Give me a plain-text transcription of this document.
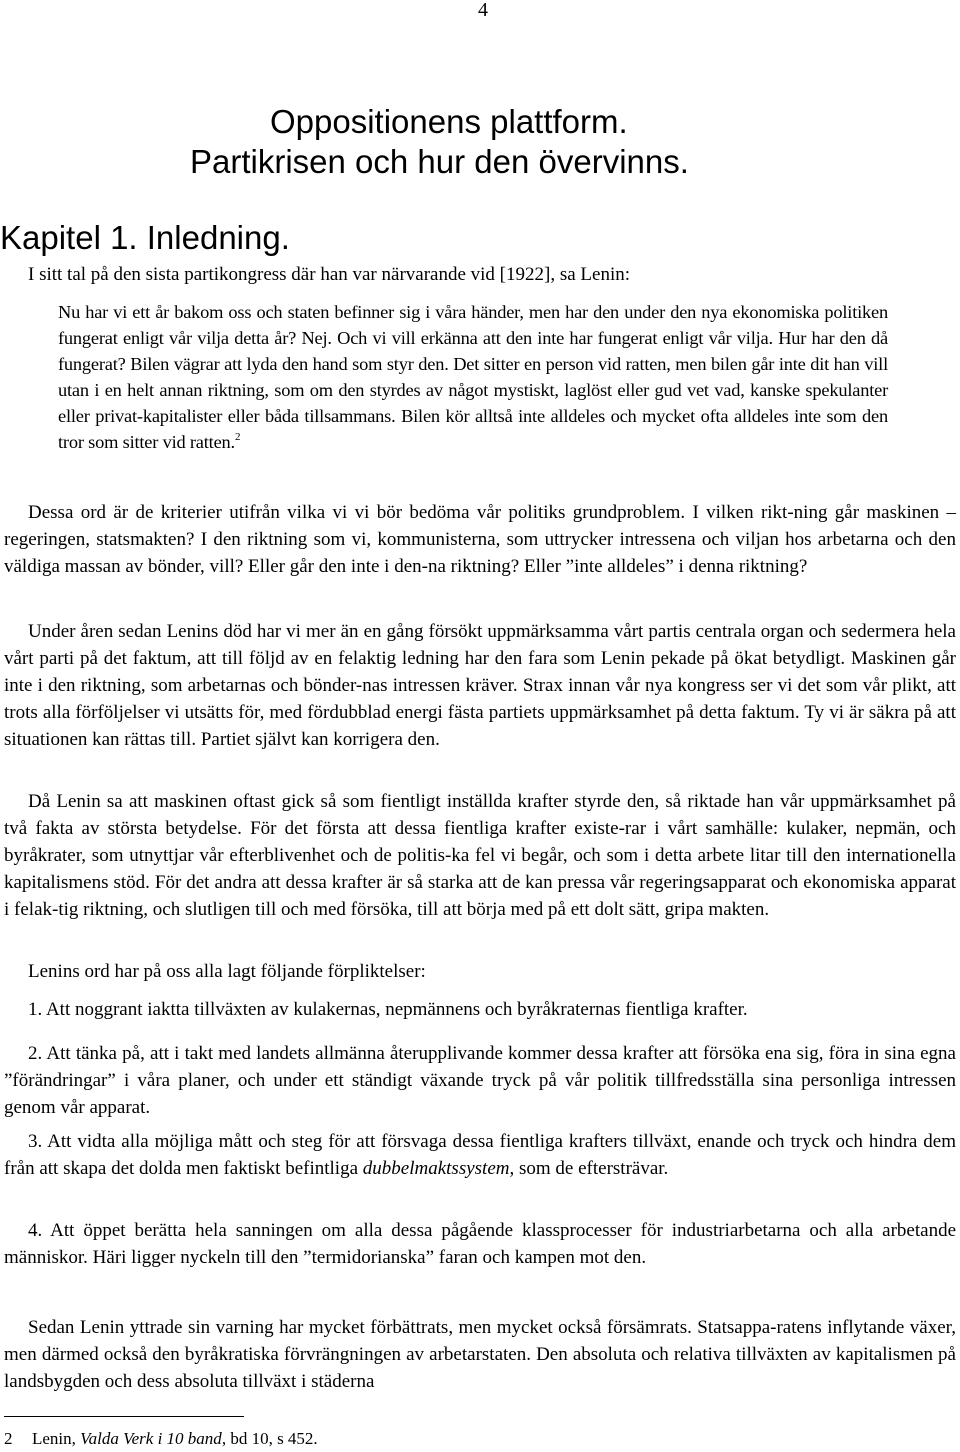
4
Oppositionens plattform.
Partikrisen och hur den övervinns.
Kapitel 1. Inledning.
I sitt tal på den sista partikongress där han var närvarande vid [1922], sa Lenin:
Nu har vi ett år bakom oss och staten befinner sig i våra händer, men har den under den nya ekonomiska politiken fungerat enligt vår vilja detta år? Nej. Och vi vill erkänna att den inte har fungerat enligt vår vilja. Hur har den då fungerat? Bilen vägrar att lyda den hand som styr den. Det sitter en person vid ratten, men bilen går inte dit han vill utan i en helt annan riktning, som om den styrdes av något mystiskt, laglöst eller gud vet vad, kanske spekulanter eller privat-kapitalister eller båda tillsammans. Bilen kör alltså inte alldeles och mycket ofta alldeles inte som den tror som sitter vid ratten.$^2$
Dessa ord är de kriterier utifrån vilka vi vi bör bedöma vår politiks grundproblem. I vilken rikt-ning går maskinen – regeringen, statsmakten? I den riktning som vi, kommunisterna, som uttrycker intressena och viljan hos arbetarna och den väldiga massan av bönder, vill? Eller går den inte i den-na riktning? Eller ”inte alldeles” i denna riktning?
Under åren sedan Lenins död har vi mer än en gång försökt uppmärksamma vårt partis centrala organ och sedermera hela vårt parti på det faktum, att till följd av en felaktig ledning har den fara som Lenin pekade på ökat betydligt. Maskinen går inte i den riktning, som arbetarnas och bönder-nas intressen kräver. Strax innan vår nya kongress ser vi det som vår plikt, att trots alla förföljelser vi utsätts för, med fördubblad energi fästa partiets uppmärksamhet på detta faktum. Ty vi är säkra på att situationen kan rättas till. Partiet självt kan korrigera den.
Då Lenin sa att maskinen oftast gick så som fientligt inställda krafter styrde den, så riktade han vår uppmärksamhet på två fakta av största betydelse. För det första att dessa fientliga krafter existe-rar i vårt samhälle: kulaker, nepmän, och byråkrater, som utnyttjar vår efterblivenhet och de politis-ka fel vi begår, och som i detta arbete litar till den internationella kapitalismens stöd. För det andra att dessa krafter är så starka att de kan pressa vår regeringsapparat och ekonomiska apparat i felak-tig riktning, och slutligen till och med försöka, till att börja med på ett dolt sätt, gripa makten.
Lenins ord har på oss alla lagt följande förpliktelser:
1. Att noggrant iaktta tillväxten av kulakernas, nepmännens och byråkraternas fientliga krafter.
2. Att tänka på, att i takt med landets allmänna återupplivande kommer dessa krafter att försöka ena sig, föra in sina egna ”förändringar” i våra planer, och under ett ständigt växande tryck på vår politik tillfredsställa sina personliga intressen genom vår apparat.
3. Att vidta alla möjliga mått och steg för att försvaga dessa fientliga krafters tillväxt, enande och tryck och hindra dem från att skapa det dolda men faktiskt befintliga dubbelmaktssystem, som de eftersträvar.
4. Att öppet berätta hela sanningen om alla dessa pågående klassprocesser för industriarbetarna och alla arbetande människor. Häri ligger nyckeln till den ”termidorianska” faran och kampen mot den.
Sedan Lenin yttrade sin varning har mycket förbättrats, men mycket också försämrats. Statsappa-ratens inflytande växer, men därmed också den byråkratiska förvrängningen av arbetarstaten. Den absoluta och relativa tillväxten av kapitalismen på landsbygden och dess absoluta tillväxt i städerna
2 Lenin, Valda Verk i 10 band, bd 10, s 452.
